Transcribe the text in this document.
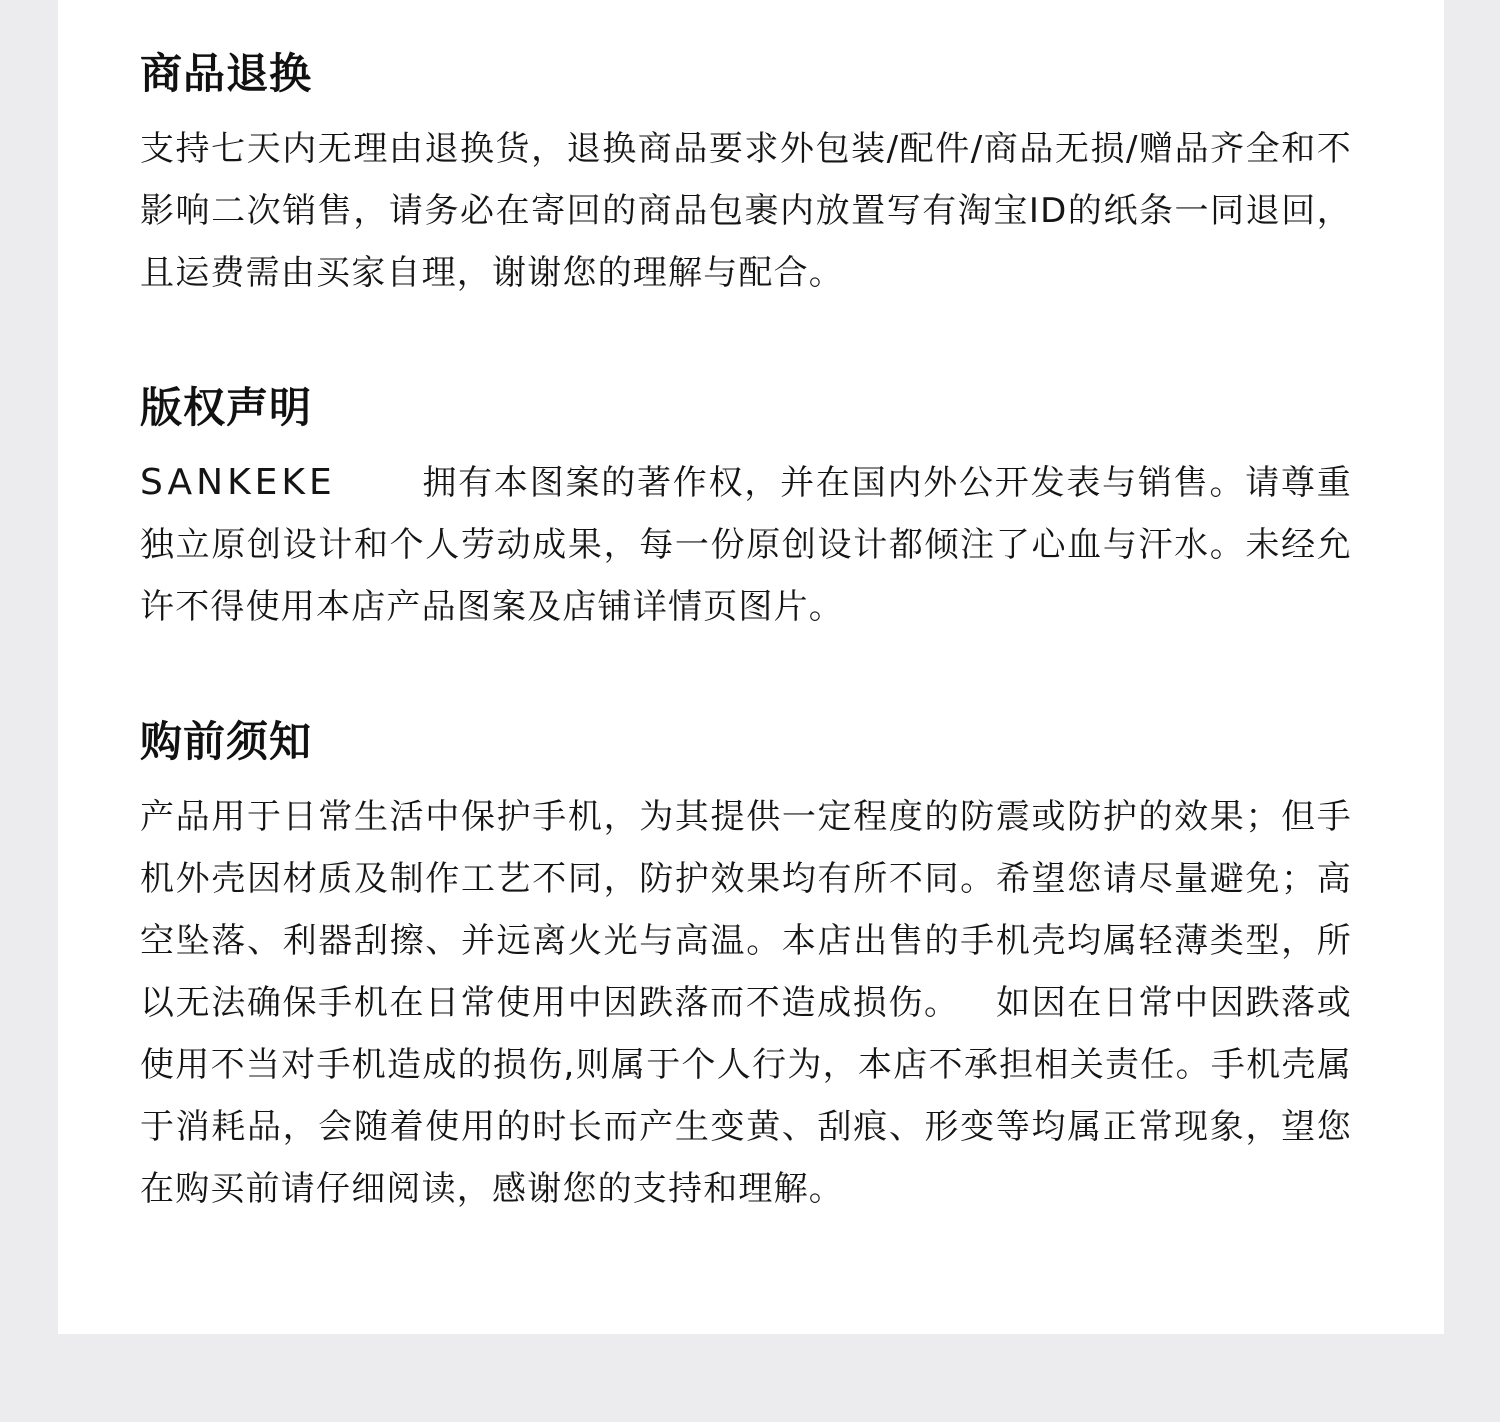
商品退换

支持七天内无理由退换货，退换商品要求外包装/配件/商品无损/赠品齐全和不影响二次销售，请务必在寄回的商品包裹内放置写有淘宝ID的纸条一同退回，且运费需由买家自理，谢谢您的理解与配合。

版权声明

SANKEKE	拥有本图案的著作权，并在国内外公开发表与销售。请尊重独立原创设计和个人劳动成果，每一份原创设计都倾注了心血与汗水。未经允许不得使用本店产品图案及店铺详情页图片。

购前须知

产品用于日常生活中保护手机，为其提供一定程度的防震或防护的效果；但手机外壳因材质及制作工艺不同，防护效果均有所不同。希望您请尽量避免；高空坠落、利器刮擦、并远离火光与高温。本店出售的手机壳均属轻薄类型，所以无法确保手机在日常使用中因跌落而不造成损伤。 如因在日常中因跌落或使用不当对手机造成的损伤,则属于个人行为，本店不承担相关责任。手机壳属于消耗品，会随着使用的时长而产生变黄、刮痕、形变等均属正常现象，望您在购买前请仔细阅读，感谢您的支持和理解。
